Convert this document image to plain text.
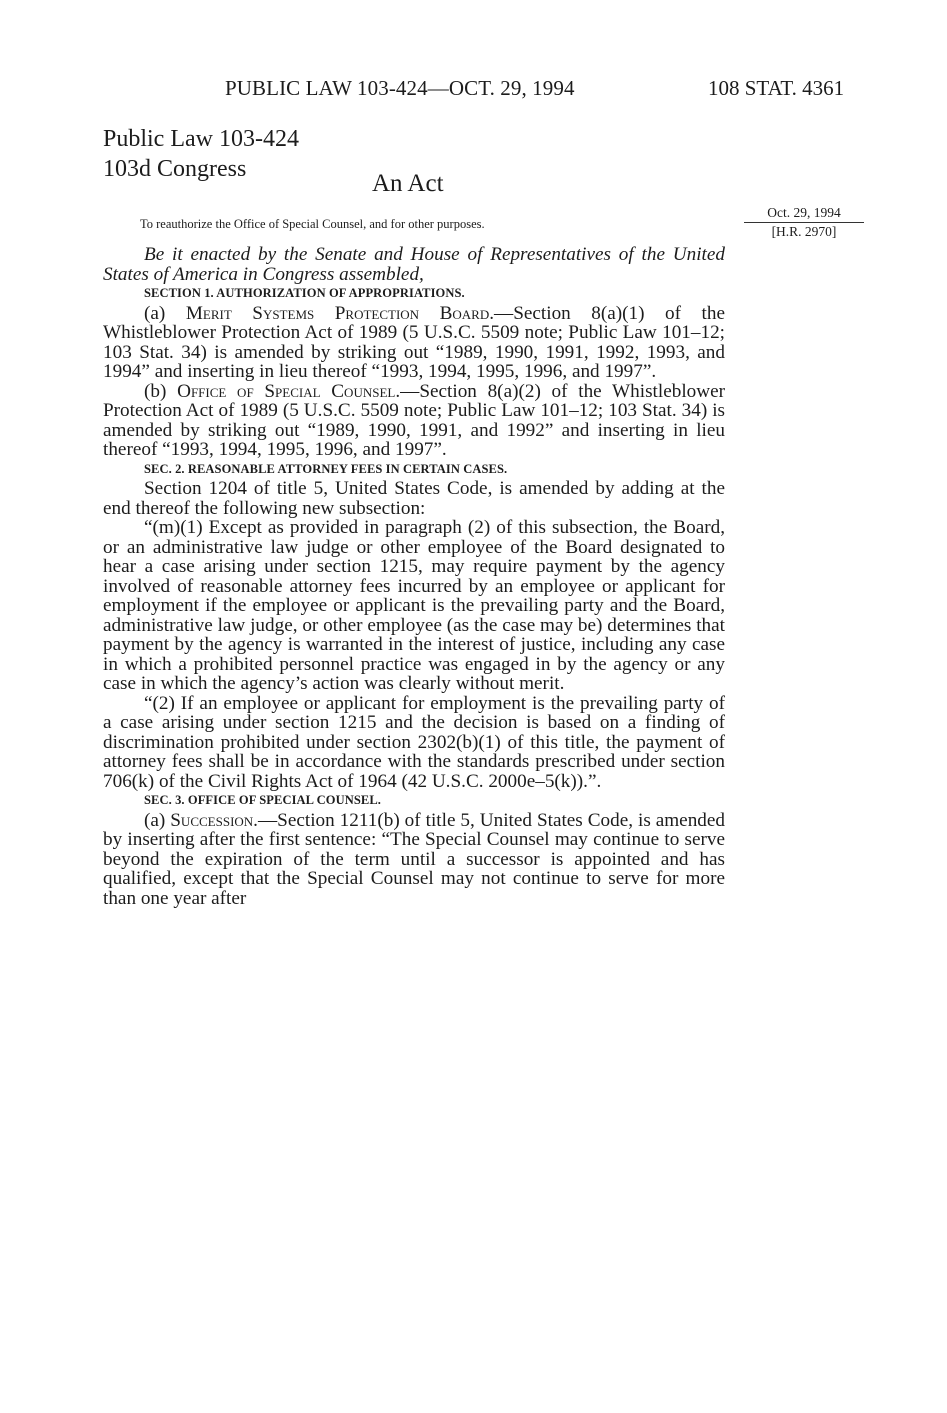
PUBLIC LAW 103-424—OCT. 29, 1994	108 STAT. 4361
Public Law 103-424
103d Congress
An Act
To reauthorize the Office of Special Counsel, and for other purposes.
Oct. 29, 1994
[H.R. 2970]

Be it enacted by the Senate and House of Representatives of the United States of America in Congress assembled,

SECTION 1. AUTHORIZATION OF APPROPRIATIONS.

(a) Merit Systems Protection Board.—Section 8(a)(1) of the Whistleblower Protection Act of 1989 (5 U.S.C. 5509 note; Public Law 101–12; 103 Stat. 34) is amended by striking out “1989, 1990, 1991, 1992, 1993, and 1994” and inserting in lieu thereof “1993, 1994, 1995, 1996, and 1997”.

(b) Office of Special Counsel.—Section 8(a)(2) of the Whistleblower Protection Act of 1989 (5 U.S.C. 5509 note; Public Law 101–12; 103 Stat. 34) is amended by striking out “1989, 1990, 1991, and 1992” and inserting in lieu thereof “1993, 1994, 1995, 1996, and 1997”.

SEC. 2. REASONABLE ATTORNEY FEES IN CERTAIN CASES.

Section 1204 of title 5, United States Code, is amended by adding at the end thereof the following new subsection:

“(m)(1) Except as provided in paragraph (2) of this subsection, the Board, or an administrative law judge or other employee of the Board designated to hear a case arising under section 1215, may require payment by the agency involved of reasonable attorney fees incurred by an employee or applicant for employment if the employee or applicant is the prevailing party and the Board, administrative law judge, or other employee (as the case may be) determines that payment by the agency is warranted in the interest of justice, including any case in which a prohibited personnel practice was engaged in by the agency or any case in which the agency’s action was clearly without merit.

“(2) If an employee or applicant for employment is the prevailing party of a case arising under section 1215 and the decision is based on a finding of discrimination prohibited under section 2302(b)(1) of this title, the payment of attorney fees shall be in accordance with the standards prescribed under section 706(k) of the Civil Rights Act of 1964 (42 U.S.C. 2000e–5(k)).”.

SEC. 3. OFFICE OF SPECIAL COUNSEL.

(a) Succession.—Section 1211(b) of title 5, United States Code, is amended by inserting after the first sentence: “The Special Counsel may continue to serve beyond the expiration of the term until a successor is appointed and has qualified, except that the Special Counsel may not continue to serve for more than one year after
